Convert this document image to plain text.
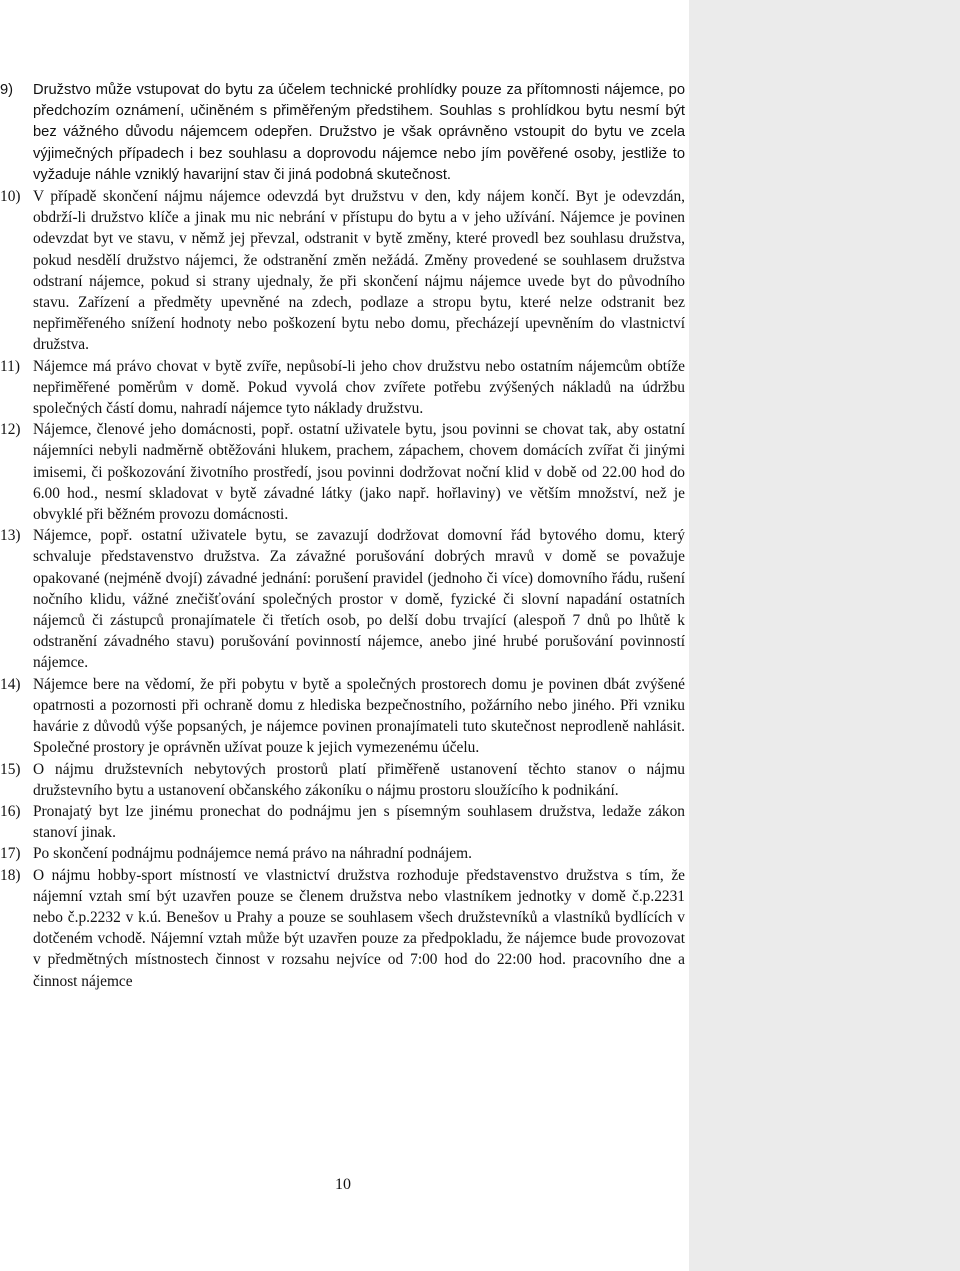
9) Družstvo může vstupovat do bytu za účelem technické prohlídky pouze za přítomnosti nájemce, po předchozím oznámení, učiněném s přiměřeným předstihem. Souhlas s prohlídkou bytu nesmí být bez vážného důvodu nájemcem odepřen. Družstvo je však oprávněno vstoupit do bytu ve zcela výjimečných případech i bez souhlasu a doprovodu nájemce nebo jím pověřené osoby, jestliže to vyžaduje náhle vzniklý havarijní stav či jiná podobná skutečnost.
10) V případě skončení nájmu nájemce odevzdá byt družstvu v den, kdy nájem končí. Byt je odevzdán, obdrží-li družstvo klíče a jinak mu nic nebrání v přístupu do bytu a v jeho užívání. Nájemce je povinen odevzdat byt ve stavu, v němž jej převzal, odstranit v bytě změny, které provedl bez souhlasu družstva, pokud nesdělí družstvo nájemci, že odstranění změn nežádá. Změny provedené se souhlasem družstva odstraní nájemce, pokud si strany ujednaly, že při skončení nájmu nájemce uvede byt do původního stavu. Zařízení a předměty upevněné na zdech, podlaze a stropu bytu, které nelze odstranit bez nepřiměřeného snížení hodnoty nebo poškození bytu nebo domu, přecházejí upevněním do vlastnictví družstva.
11) Nájemce má právo chovat v bytě zvíře, nepůsobí-li jeho chov družstvu nebo ostatním nájemcům obtíže nepřiměřené poměrům v domě. Pokud vyvolá chov zvířete potřebu zvýšených nákladů na údržbu společných částí domu, nahradí nájemce tyto náklady družstvu.
12) Nájemce, členové jeho domácnosti, popř. ostatní uživatele bytu, jsou povinni se chovat tak, aby ostatní nájemníci nebyli nadměrně obtěžováni hlukem, prachem, zápachem, chovem domácích zvířat či jinými imisemi, či poškozování životního prostředí, jsou povinni dodržovat noční klid v době od 22.00 hod do 6.00 hod., nesmí skladovat v bytě závadné látky (jako např. hořlaviny) ve větším množství, než je obvyklé při běžném provozu domácnosti.
13) Nájemce, popř. ostatní uživatele bytu, se zavazují dodržovat domovní řád bytového domu, který schvaluje představenstvo družstva. Za závažné porušování dobrých mravů v domě se považuje opakované (nejméně dvojí) závadné jednání: porušení pravidel (jednoho či více) domovního řádu, rušení nočního klidu, vážné znečišťování společných prostor v domě, fyzické či slovní napadání ostatních nájemců či zástupců pronajímatele či třetích osob, po delší dobu trvající (alespoň 7 dnů po lhůtě k odstranění závadného stavu) porušování povinností nájemce, anebo jiné hrubé porušování povinností nájemce.
14) Nájemce bere na vědomí, že při pobytu v bytě a společných prostorech domu je povinen dbát zvýšené opatrnosti a pozornosti při ochraně domu z hlediska bezpečnostního, požárního nebo jiného. Při vzniku havárie z důvodů výše popsaných, je nájemce povinen pronajímateli tuto skutečnost neprodleně nahlásit. Společné prostory je oprávněn užívat pouze k jejich vymezenému účelu.
15) O nájmu družstevních nebytových prostorů platí přiměřeně ustanovení těchto stanov o nájmu družstevního bytu a ustanovení občanského zákoníku o nájmu prostoru sloužícího k podnikání.
16) Pronajatý byt lze jinému pronechat do podnájmu jen s písemným souhlasem družstva, ledaže zákon stanoví jinak.
17) Po skončení podnájmu podnájemce nemá právo na náhradní podnájem.
18) O nájmu hobby-sport místností ve vlastnictví družstva rozhoduje představenstvo družstva s tím, že nájemní vztah smí být uzavřen pouze se členem družstva nebo vlastníkem jednotky v domě č.p.2231 nebo č.p.2232 v k.ú. Benešov u Prahy a pouze se souhlasem všech družstevníků a vlastníků bydlících v dotčeném vchodě. Nájemní vztah může být uzavřen pouze za předpokladu, že nájemce bude provozovat v předmětných místnostech činnost v rozsahu nejvíce od 7:00 hod do 22:00 hod. pracovního dne a činnost nájemce
10
